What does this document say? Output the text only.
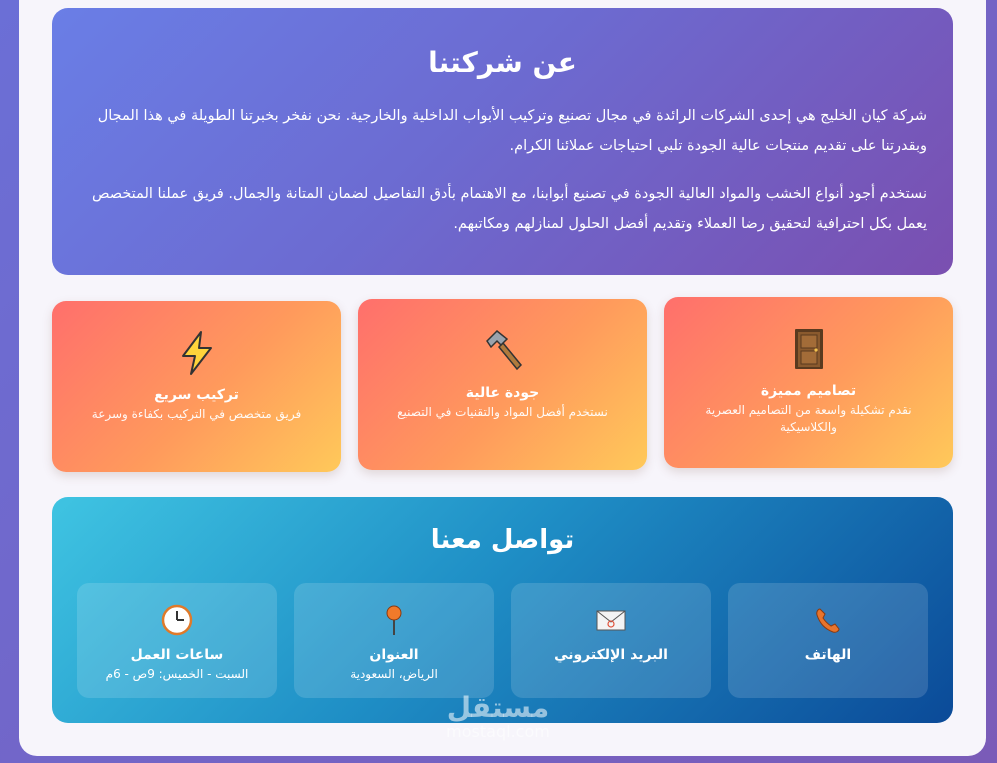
عن شركتنا

شركة كيان الخليج هي إحدى الشركات الرائدة في مجال تصنيع وتركيب الأبواب الداخلية والخارجية. نحن نفخر بخبرتنا الطويلة في هذا المجال وبقدرتنا على تقديم منتجات عالية الجودة تلبي احتياجات عملائنا الكرام.

نستخدم أجود أنواع الخشب والمواد العالية الجودة في تصنيع أبوابنا، مع الاهتمام بأدق التفاصيل لضمان المتانة والجمال. فريق عملنا المتخصص يعمل بكل احترافية لتحقيق رضا العملاء وتقديم أفضل الحلول لمنازلهم ومكاتبهم.

تصاميم مميزة
نقدم تشكيلة واسعة من التصاميم العصرية والكلاسيكية
جودة عالية
نستخدم أفضل المواد والتقنيات في التصنيع
تركيب سريع
فريق متخصص في التركيب بكفاءة وسرعة
تواصل معنا
الهاتف
البريد الإلكتروني
العنوان
الرياض، السعودية
ساعات العمل
السبت - الخميس: 9ص - 6م
مستقل
mostaql.com
